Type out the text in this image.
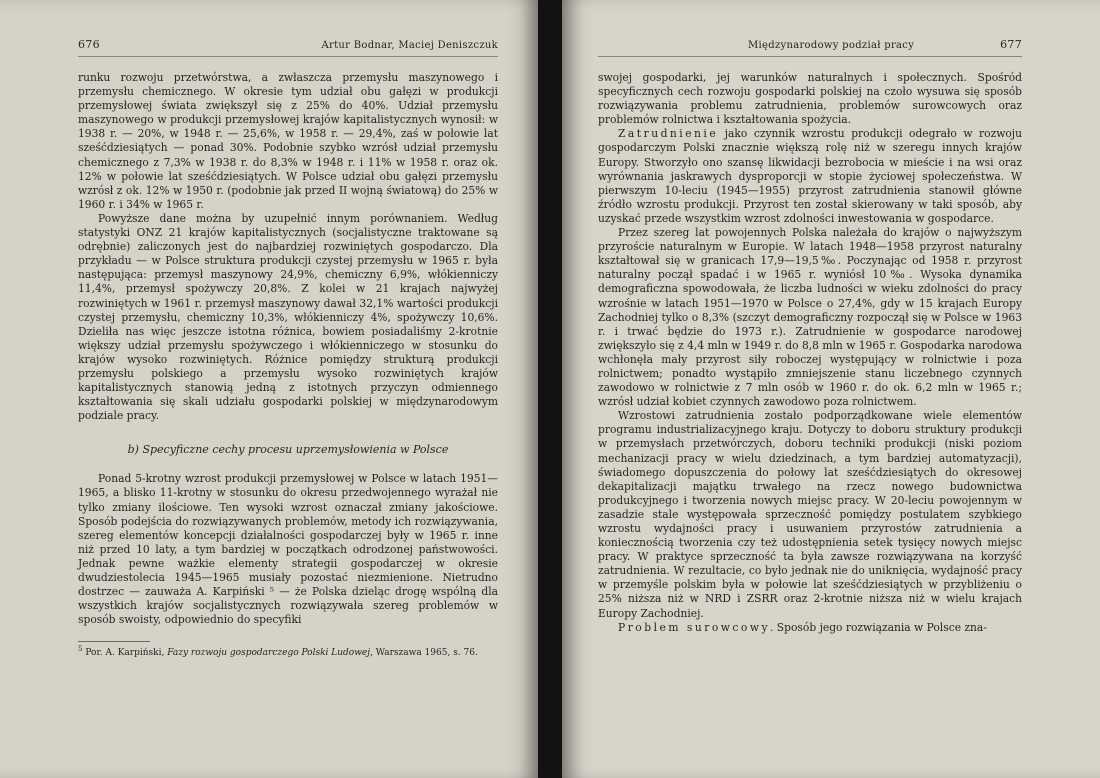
676	Artur Bodnar, Maciej Deniszczuk

runku rozwoju przetwórstwa, a zwłaszcza przemysłu maszynowego i przemysłu chemicznego. W okresie tym udział obu gałęzi w produkcji przemysłowej świata zwiększył się z 25% do 40%. Udział przemysłu maszynowego w produkcji przemysłowej krajów kapitalistycznych wynosił: w 1938 r. — 20%, w 1948 r. — 25,6%, w 1958 r. — 29,4%, zaś w połowie lat sześćdziesiątych — ponad 30%. Podobnie szybko wzrósł udział przemysłu chemicznego z 7,3% w 1938 r. do 8,3% w 1948 r. i 11% w 1958 r. oraz ok. 12% w połowie lat sześćdziesiątych. W Polsce udział obu gałęzi przemysłu wzrósł z ok. 12% w 1950 r. (podobnie jak przed II wojną światową) do 25% w 1960 r. i 34% w 1965 r.

Powyższe dane można by uzupełnić innym porównaniem. Według statystyki ONZ 21 krajów kapitalistycznych (socjalistyczne traktowane są odrębnie) zaliczonych jest do najbardziej rozwiniętych gospodarczo. Dla przykładu — w Polsce struktura produkcji czystej przemysłu w 1965 r. była następująca: przemysł maszynowy 24,9%, chemiczny 6,9%, włókienniczy 11,4%, przemysł spożywczy 20,8%. Z kolei w 21 krajach najwyżej rozwiniętych w 1961 r. przemysł maszynowy dawał 32,1% wartości produkcji czystej przemysłu, chemiczny 10,3%, włókienniczy 4%, spożywczy 10,6%. Dzieliła nas więc jeszcze istotna różnica, bowiem posiadaliśmy 2-krotnie większy udział przemysłu spożywczego i włókienniczego w stosunku do krajów wysoko rozwiniętych. Różnice pomiędzy strukturą produkcji przemysłu polskiego a przemysłu wysoko rozwiniętych krajów kapitalistycznych stanowią jedną z istotnych przyczyn odmiennego kształtowania się skali udziału gospodarki polskiej w międzynarodowym podziale pracy.

b) Specyficzne cechy procesu uprzemysłowienia w Polsce

Ponad 5-krotny wzrost produkcji przemysłowej w Polsce w latach 1951—1965, a blisko 11-krotny w stosunku do okresu przedwojennego wyrażał nie tylko zmiany ilościowe. Ten wysoki wzrost oznaczał zmiany jakościowe. Sposób podejścia do rozwiązywanych problemów, metody ich rozwiązywania, szereg elementów koncepcji działalności gospodarczej były w 1965 r. inne niż przed 10 laty, a tym bardziej w początkach odrodzonej państwowości. Jednak pewne ważkie elementy strategii gospodarczej w okresie dwudziestolecia 1945—1965 musiały pozostać niezmienione. Nietrudno dostrzec — zauważa A. Karpiński ⁵ — że Polska dzieląc drogę wspólną dla wszystkich krajów socjalistycznych rozwiązywała szereg problemów w sposób swoisty, odpowiednio do specyfiki

$^5$ Por. A. Karpiński, Fazy rozwoju gospodarczego Polski Ludowej, Warszawa 1965, s. 76.
Międzynarodowy podział pracy	677

swojej gospodarki, jej warunków naturalnych i społecznych. Spośród specyficznych cech rozwoju gospodarki polskiej na czoło wysuwa się sposób rozwiązywania problemu zatrudnienia, problemów surowcowych oraz problemów rolnictwa i kształtowania spożycia.

Zatrudnienie jako czynnik wzrostu produkcji odegrało w rozwoju gospodarczym Polski znacznie większą rolę niż w szeregu innych krajów Europy. Stworzyło ono szansę likwidacji bezrobocia w mieście i na wsi oraz wyrównania jaskrawych dysproporcji w stopie życiowej społeczeństwa. W pierwszym 10-leciu (1945—1955) przyrost zatrudnienia stanowił główne źródło wzrostu produkcji. Przyrost ten został skierowany w taki sposób, aby uzyskać przede wszystkim wzrost zdolności inwestowania w gospodarce.

Przez szereg lat powojennych Polska należała do krajów o najwyższym przyroście naturalnym w Europie. W latach 1948—1958 przyrost naturalny kształtował się w granicach 17,9—19,5‰. Poczynając od 1958 r. przyrost naturalny począł spadać i w 1965 r. wyniósł 10‰. Wysoka dynamika demograficzna spowodowała, że liczba ludności w wieku zdolności do pracy wzrośnie w latach 1951—1970 w Polsce o 27,4%, gdy w 15 krajach Europy Zachodniej tylko o 8,3% (szczyt demograficzny rozpoczął się w Polsce w 1963 r. i trwać będzie do 1973 r.). Zatrudnienie w gospodarce narodowej zwiększyło się z 4,4 mln w 1949 r. do 8,8 mln w 1965 r. Gospodarka narodowa wchłonęła mały przyrost siły roboczej występujący w rolnictwie i poza rolnictwem; ponadto wystąpiło zmniejszenie stanu liczebnego czynnych zawodowo w rolnictwie z 7 mln osób w 1960 r. do ok. 6,2 mln w 1965 r.; wzrósł udział kobiet czynnych zawodowo poza rolnictwem.

Wzrostowi zatrudnienia zostało podporządkowane wiele elementów programu industrializacyjnego kraju. Dotyczy to doboru struktury produkcji w przemysłach przetwórczych, doboru techniki produkcji (niski poziom mechanizacji pracy w wielu dziedzinach, a tym bardziej automatyzacji), świadomego dopuszczenia do połowy lat sześćdziesiątych do okresowej dekapitalizacji majątku trwałego na rzecz nowego budownictwa produkcyjnego i tworzenia nowych miejsc pracy. W 20-leciu powojennym w zasadzie stale występowała sprzeczność pomiędzy postulatem szybkiego wzrostu wydajności pracy i usuwaniem przyrostów zatrudnienia a koniecznością tworzenia czy też udostępnienia setek tysięcy nowych miejsc pracy. W praktyce sprzeczność ta była zawsze rozwiązywana na korzyść zatrudnienia. W rezultacie, co było jednak nie do uniknięcia, wydajność pracy w przemyśle polskim była w połowie lat sześćdziesiątych w przybliżeniu o 25% niższa niż w NRD i ZSRR oraz 2-krotnie niższa niż w wielu krajach Europy Zachodniej.

Problem surowcowy. Sposób jego rozwiązania w Polsce zna-
